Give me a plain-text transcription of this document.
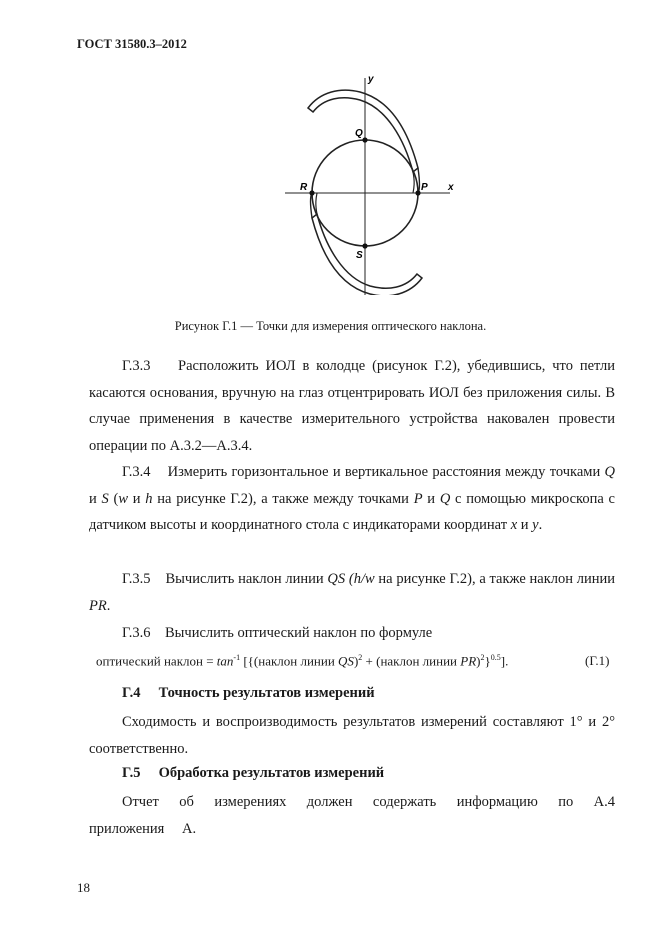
ГОСТ 31580.3–2012
y
x
Q
S
R	P
Рисунок Г.1 — Точки для измерения оптического наклона.
Г.3.3 Расположить ИОЛ в колодце (рисунок Г.2), убедившись, что петли касаются основания, вручную на глаз отцентрировать ИОЛ без приложения силы. В случае применения в качестве измерительного устройства наковален провести операции по А.3.2—А.3.4.
Г.3.4 Измерить горизонтальное и вертикальное расстояния между точками Q и S (w и h на рисунке Г.2), а также между точками P и Q с помощью микроскопа с датчиком высоты и координатного стола с индикаторами координат x и y.
Г.3.5 Вычислить наклон линии QS (h/w на рисунке Г.2), а также наклон линии PR.
Г.3.6 Вычислить оптический наклон по формуле
оптический наклон = $\tan^{-1}$ [{(наклон линии QS)$^2$ + (наклон линии PR)$^2$}$^{0.5}$].	(Г.1)
Г.4 Точность результатов измерений
Сходимость и воспроизводимость результатов измерений составляют 1° и 2° соответственно.
Г.5 Обработка результатов измерений
Отчет об измерениях должен содержать информацию по А.4 приложения А.
18
